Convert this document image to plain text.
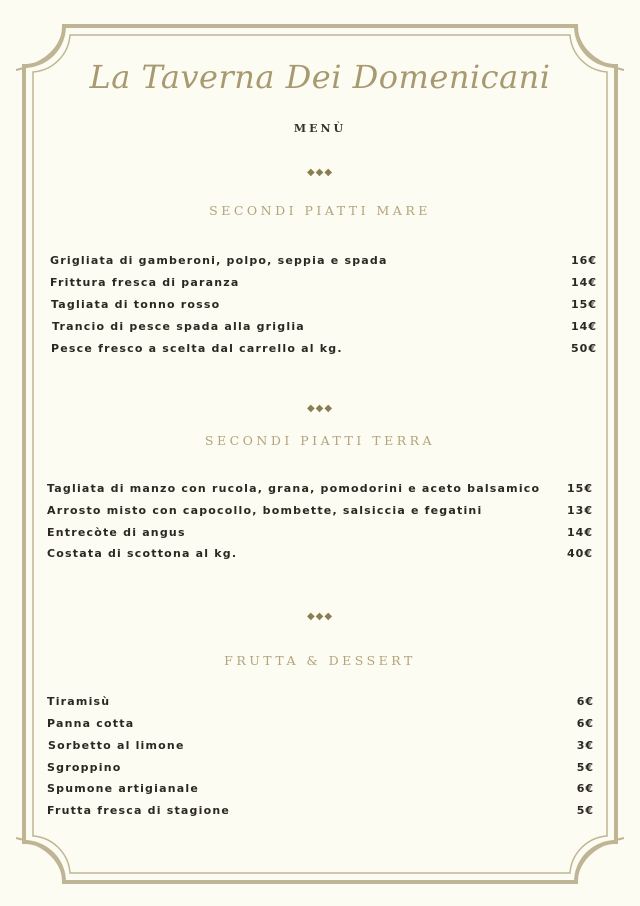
La Taverna Dei Domenicani
MENÙ
◆◆◆
SECONDI PIATTI MARE
Grigliata di gamberoni, polpo, seppia e spada	16€
Frittura fresca di paranza	14€
Tagliata di tonno rosso	15€
Trancio di pesce spada alla griglia	14€
Pesce fresco a scelta dal carrello al kg.	50€
◆◆◆
SECONDI PIATTI TERRA
Tagliata di manzo con rucola, grana, pomodorini e aceto balsamico 15€
Arrosto misto con capocollo, bombette, salsiccia e fegatini	13€
Entrecòte di angus	14€
Costata di scottona al kg.	40€
◆◆◆
FRUTTA & DESSERT
Tiramisù	6€
Panna cotta	6€
Sorbetto al limone	3€
Sgroppino	5€
Spumone artigianale	6€
Frutta fresca di stagione	5€
